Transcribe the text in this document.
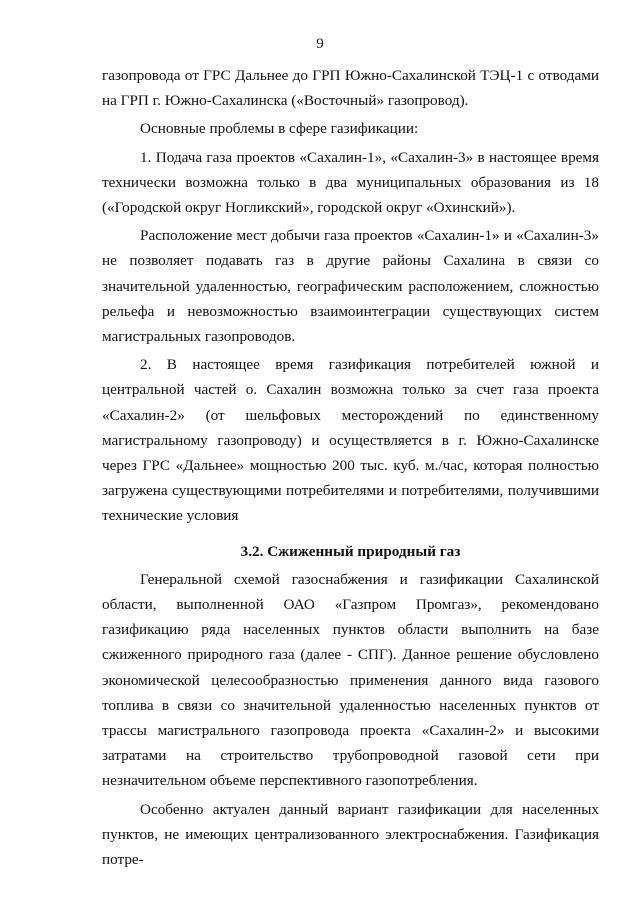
9

газопровода от ГРС Дальнее до ГРП Южно-Сахалинской ТЭЦ-1 с отводами на ГРП г. Южно-Сахалинска («Восточный» газопровод).

Основные проблемы в сфере газификации:

1. Подача газа проектов «Сахалин-1», «Сахалин-3» в настоящее время технически возможна только в два муниципальных образования из 18 («Городской округ Ногликский», городской округ «Охинский»).

Расположение мест добычи газа проектов «Сахалин-1» и «Сахалин-3» не позволяет подавать газ в другие районы Сахалина в связи со значительной удаленностью, географическим расположением, сложностью рельефа и невозможностью взаимоинтеграции существующих систем магистральных газопроводов.

2. В настоящее время газификация потребителей южной и центральной частей о. Сахалин возможна только за счет газа проекта «Сахалин-2» (от шельфовых месторождений по единственному магистральному газопроводу) и осуществляется в г. Южно-Сахалинске через ГРС «Дальнее» мощностью 200 тыс. куб. м./час, которая полностью загружена существующими потребителями и потребителями, получившими технические условия

3.2. Сжиженный природный газ

Генеральной схемой газоснабжения и газификации Сахалинской области, выполненной ОАО «Газпром Промгаз», рекомендовано газификацию ряда населенных пунктов области выполнить на базе сжиженного природного газа (далее - СПГ). Данное решение обусловлено экономической целесообразностью применения данного вида газового топлива в связи со значительной удаленностью населенных пунктов от трассы магистрального газопровода проекта «Сахалин-2» и высокими затратами на строительство трубопроводной газовой сети при незначительном объеме перспективного газопотребления.

Особенно актуален данный вариант газификации для населенных пунктов, не имеющих централизованного электроснабжения. Газификация потре-
